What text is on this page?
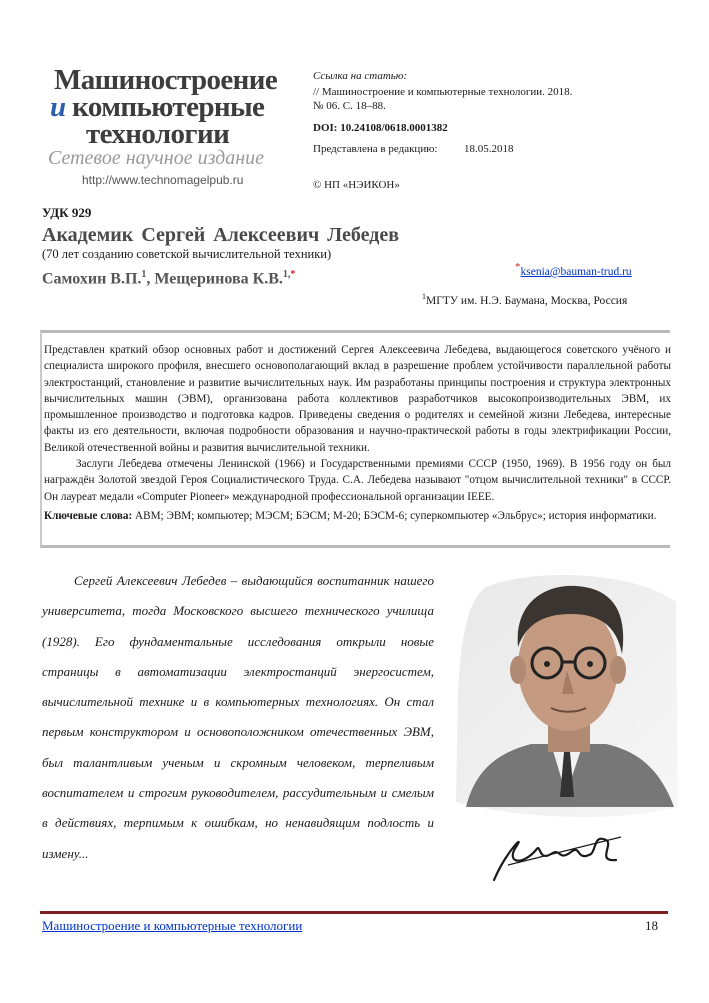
Машиностроение
и компьютерные
технологии
Сетевое научное издание
http://www.technomagelpub.ru
Ссылка на статью:
// Машиностроение и компьютерные технологии. 2018.
№ 06. С. 18–88.
DOI: 10.24108/0618.0001382
Представлена в редакцию: 18.05.2018
© НП «НЭИКОН»
УДК 929
Академик Сергей Алексеевич Лебедев
(70 лет созданию советской вычислительной техники)
Самохин В.П.$^1$, Мещеринова К.В.$^{1,*}$
*ksenia@bauman-trud.ru
$^1$МГТУ им. Н.Э. Баумана, Москва, Россия

Представлен краткий обзор основных работ и достижений Сергея Алексеевича Лебедева, выдающегося советского учёного и специалиста широкого профиля, внесшего основополагающий вклад в разрешение проблем устойчивости параллельной работы электростанций, становление и развитие вычислительных наук. Им разработаны принципы построения и структура электронных вычислительных машин (ЭВМ), организована работа коллективов разработчиков высокопроизводительных ЭВМ, их промышленное производство и подготовка кадров. Приведены сведения о родителях и семейной жизни Лебедева, интересные факты из его деятельности, включая подробности образования и научно-практической работы в годы электрификации России, Великой отечественной войны и развития вычислительной техники.

Заслуги Лебедева отмечены Ленинской (1966) и Государственными премиями СССР (1950, 1969). В 1956 году он был награждён Золотой звездой Героя Социалистического Труда. С.А. Лебедева называют "отцом вычислительной техники" в СССР. Он лауреат медали «Computer Pioneer» международной профессиональной организации IEEE.

Ключевые слова: АВМ; ЭВМ; компьютер; МЭСМ; БЭСМ; М-20; БЭСМ-6; суперкомпьютер «Эльбрус»; история информатики.

Сергей Алексеевич Лебедев – выдающийся воспитанник нашего университета, тогда Московского высшего технического училища (1928). Его фундаментальные исследования открыли новые страницы в автоматизации электростанций энергосистем, вычислительной технике и в компьютерных технологиях. Он стал первым конструктором и основоположником отечественных ЭВМ, был талантливым ученым и скромным человеком, терпеливым воспитателем и строгим руководителем, рассудительным и смелым в действиях, терпимым к ошибкам, но ненавидящим подлость и измену...

Машиностроение и компьютерные технологии	18
